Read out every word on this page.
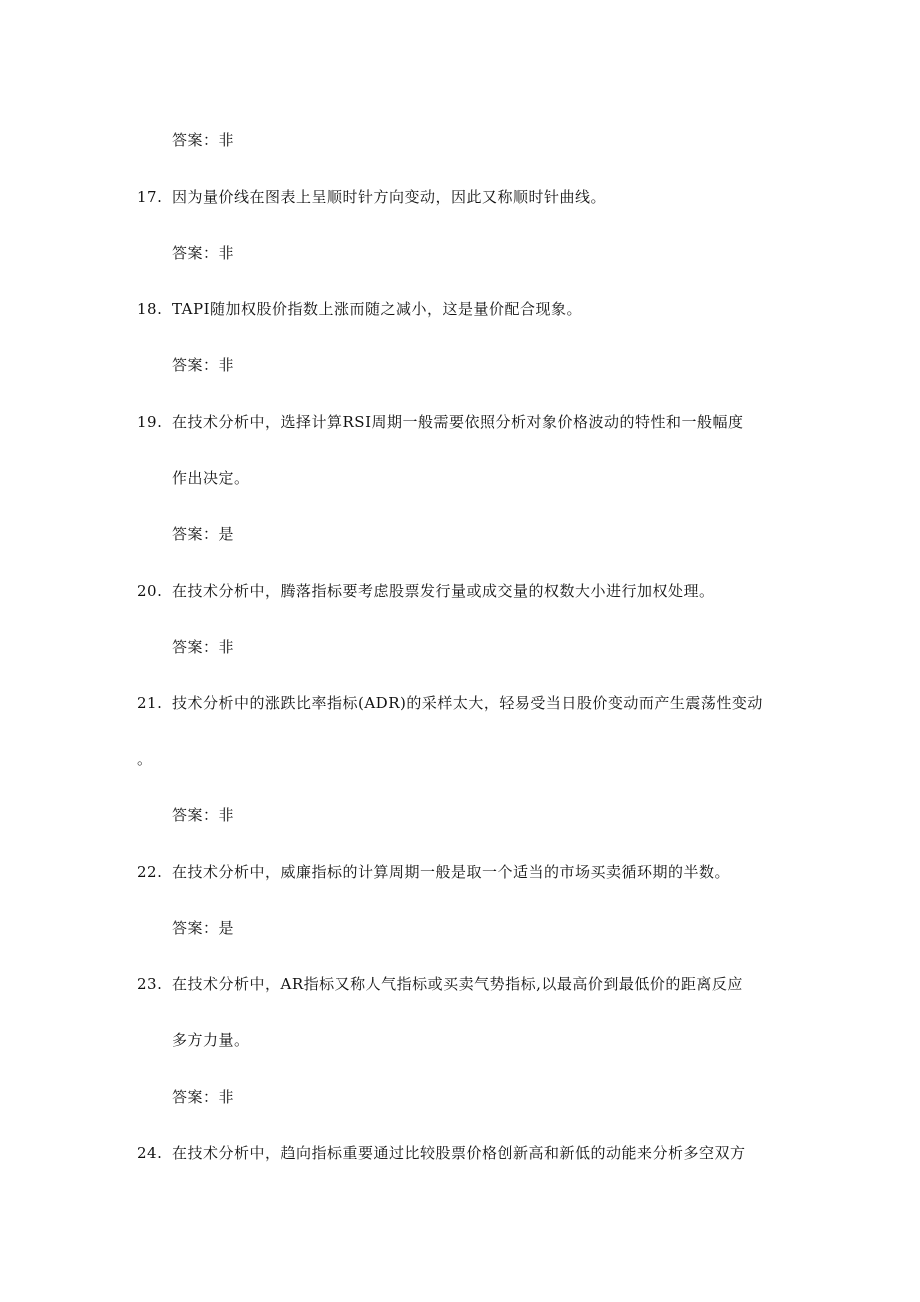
答案：非
17. 因为量价线在图表上呈顺时针方向变动，因此又称顺时针曲线。
答案：非
18. TAPI随加权股价指数上涨而随之减小，这是量价配合现象。
答案：非
19. 在技术分析中，选择计算RSI周期一般需要依照分析对象价格波动的特性和一般幅度
作出决定。
答案：是
20. 在技术分析中，腾落指标要考虑股票发行量或成交量的权数大小进行加权处理。
答案：非
21. 技术分析中的涨跌比率指标(ADR)的采样太大，轻易受当日股价变动而产生震荡性变动
。
答案：非
22. 在技术分析中，威廉指标的计算周期一般是取一个适当的市场买卖循环期的半数。
答案：是
23. 在技术分析中，AR指标又称人气指标或买卖气势指标,以最高价到最低价的距离反应
多方力量。
答案：非
24. 在技术分析中，趋向指标重要通过比较股票价格创新高和新低的动能来分析多空双方
